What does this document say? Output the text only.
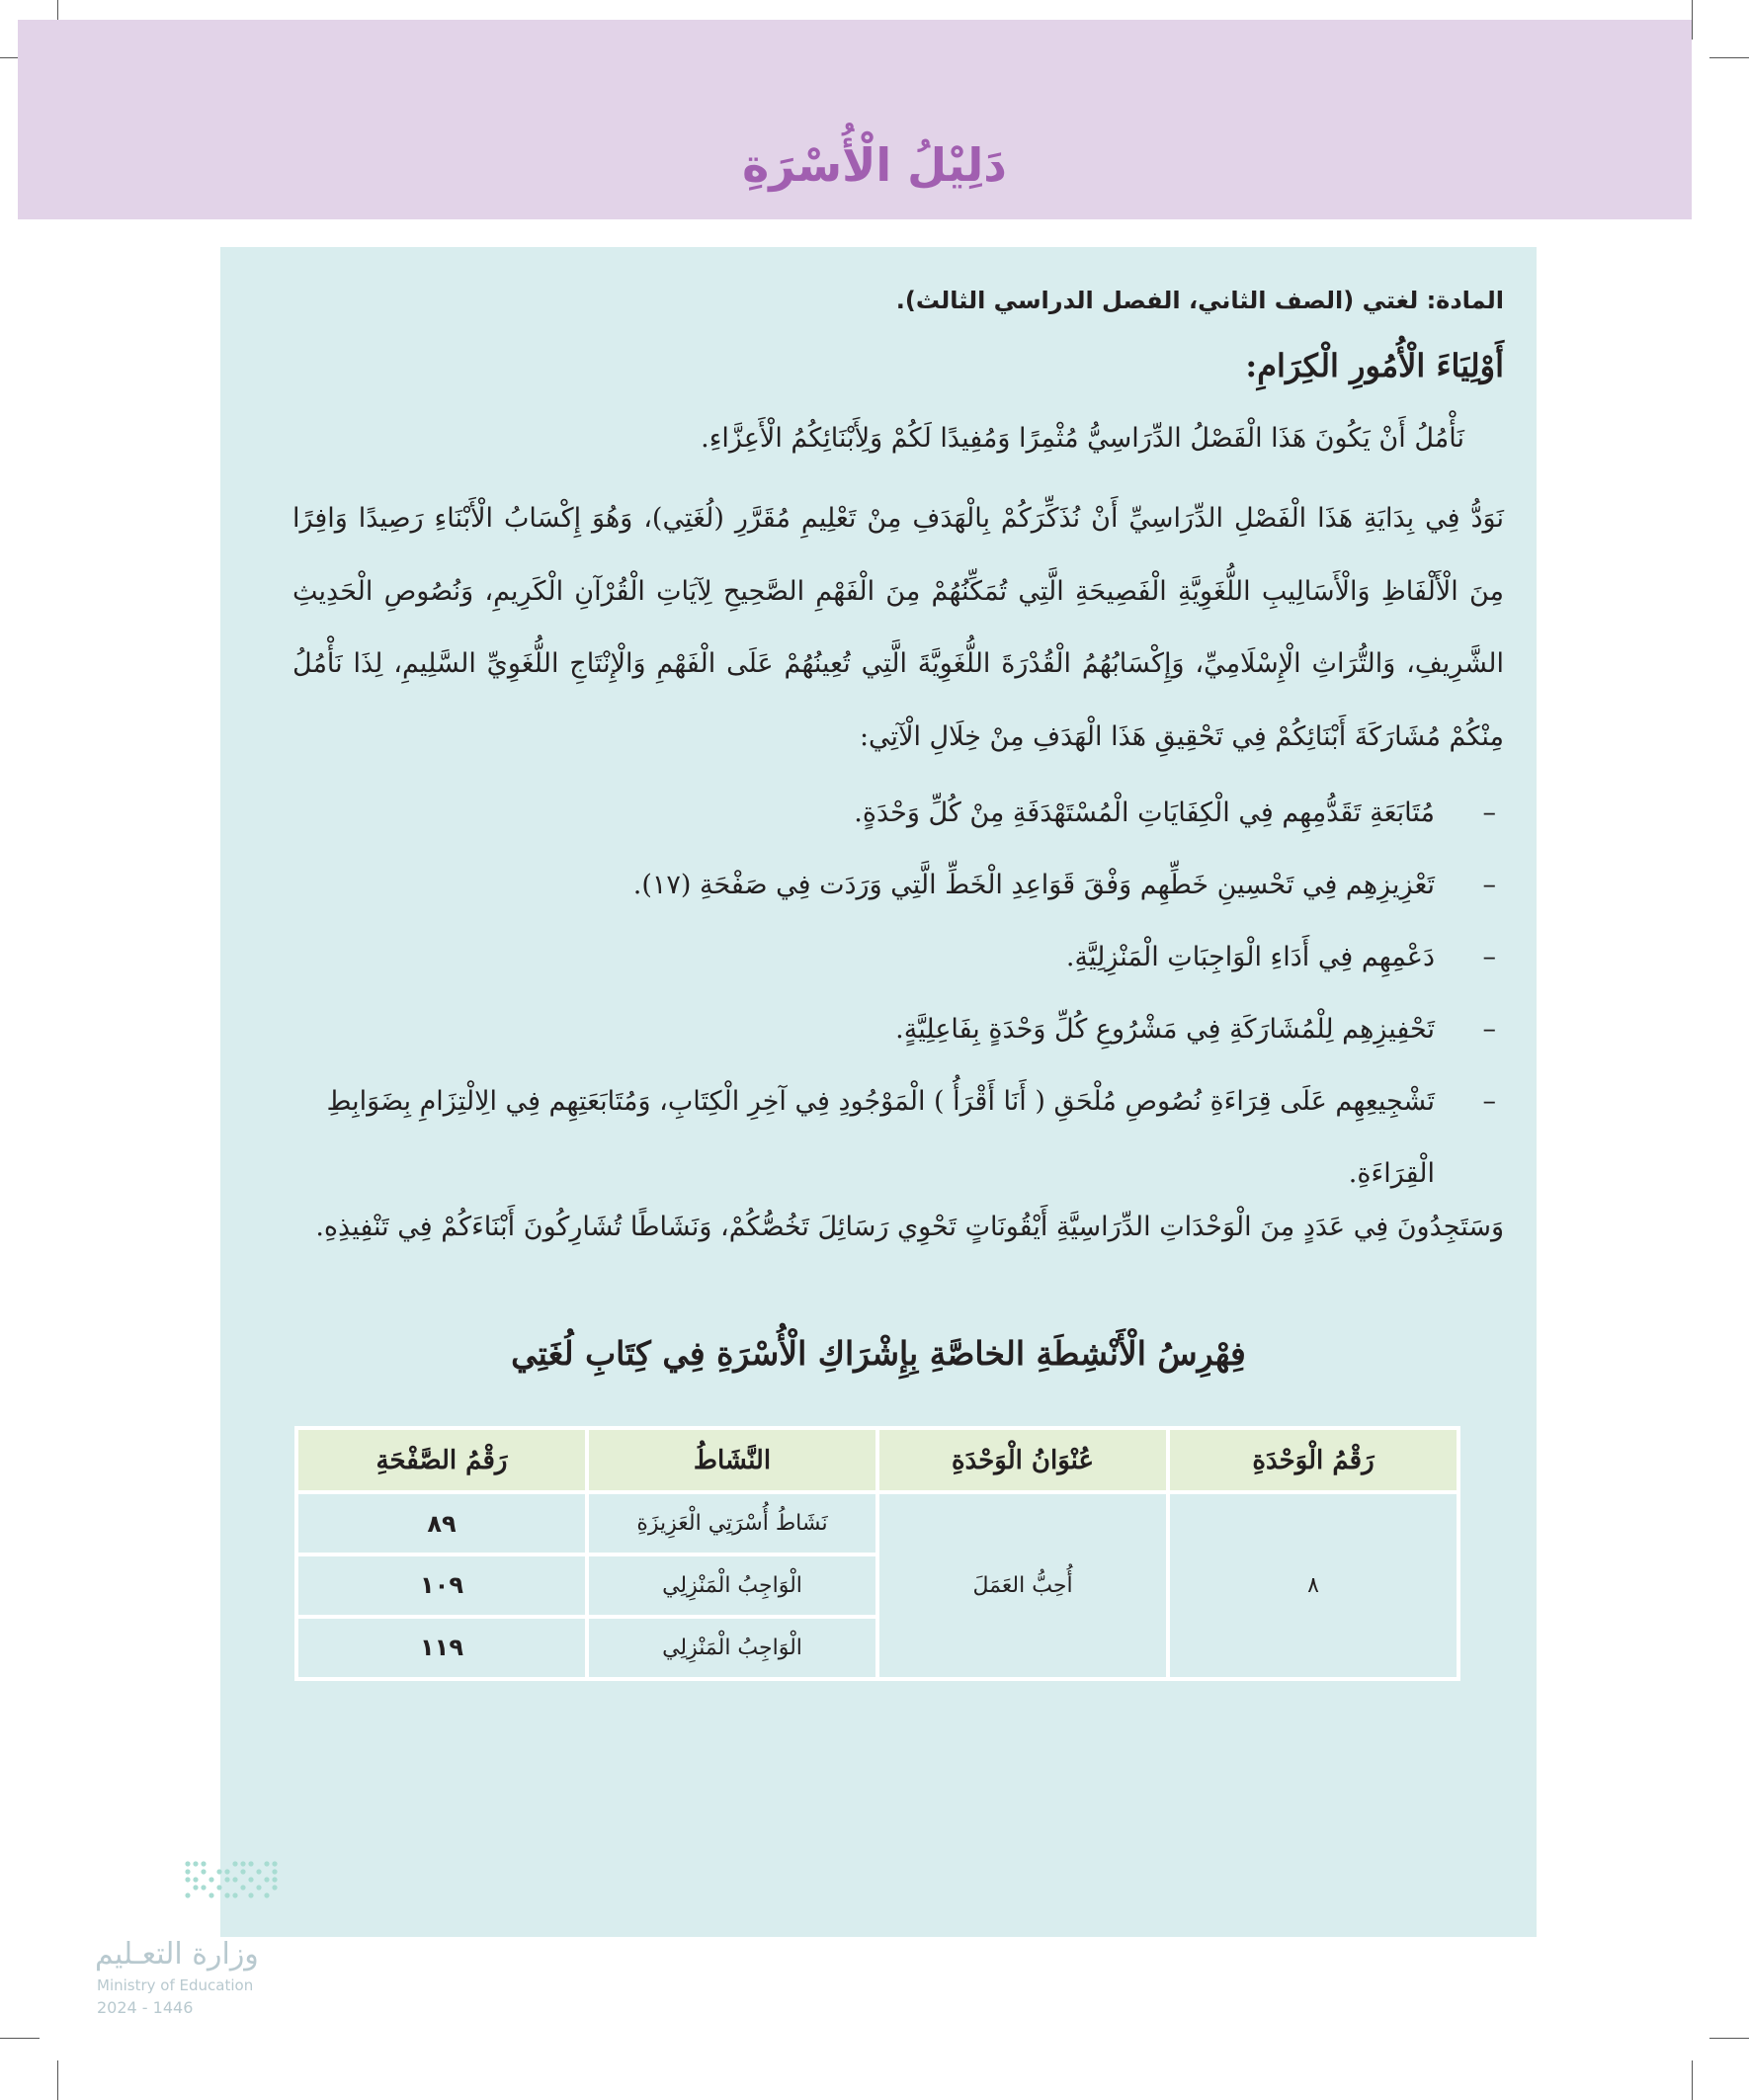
دَلِيْلُ الْأُسْرَةِ
المادة: لغتي (الصف الثاني، الفصل الدراسي الثالث).
أَوْلِيَاءَ الْأُمُورِ الْكِرَامِ:
نَأْمُلُ أَنْ يَكُونَ هَذَا الْفَصْلُ الدِّرَاسِيُّ مُثْمِرًا وَمُفِيدًا لَكُمْ وَلِأَبْنَائِكُمُ الْأَعِزَّاءِ.
نَوَدُّ فِي بِدَايَةِ هَذَا الْفَصْلِ الدِّرَاسِيِّ أَنْ نُذَكِّرَكُمْ بِالْهَدَفِ مِنْ تَعْلِيمِ مُقَرَّرِ (لُغَتِي)، وَهُوَ إِكْسَابُ الْأَبْنَاءِ رَصِيدًا وَافِرًا مِنَ الْأَلْفَاظِ وَالْأَسَالِيبِ اللُّغَوِيَّةِ الْفَصِيحَةِ الَّتِي تُمَكِّنُهُمْ مِنَ الْفَهْمِ الصَّحِيحِ لِآيَاتِ الْقُرْآنِ الْكَرِيمِ، وَنُصُوصِ الْحَدِيثِ الشَّرِيفِ، وَالتُّرَاثِ الْإِسْلَامِيِّ، وَإِكْسَابُهُمُ الْقُدْرَةَ اللُّغَوِيَّةَ الَّتِي تُعِينُهُمْ عَلَى الْفَهْمِ وَالْإِنْتَاجِ اللُّغَوِيِّ السَّلِيمِ، لِذَا نَأْمُلُ مِنْكُمْ مُشَارَكَةَ أَبْنَائِكُمْ فِي تَحْقِيقِ هَذَا الْهَدَفِ مِنْ خِلَالِ الْآتِي:
–
مُتَابَعَةِ تَقَدُّمِهِم فِي الْكِفَايَاتِ الْمُسْتَهْدَفَةِ مِنْ كُلِّ وَحْدَةٍ.
–
تَعْزِيزِهِم فِي تَحْسِينِ خَطِّهِم وَفْقَ قَوَاعِدِ الْخَطِّ الَّتِي وَرَدَت فِي صَفْحَةِ (١٧).
–
دَعْمِهِم فِي أَدَاءِ الْوَاجِبَاتِ الْمَنْزِلِيَّةِ.
–
تَحْفِيزِهِم لِلْمُشَارَكَةِ فِي مَشْرُوعِ كُلِّ وَحْدَةٍ بِفَاعِلِيَّةٍ.
–
تَشْجِيعِهِم عَلَى قِرَاءَةِ نُصُوصِ مُلْحَقِ ( أَنَا أَقْرَأُ ) الْمَوْجُودِ فِي آخِرِ الْكِتَابِ، وَمُتَابَعَتِهِم فِي الِالْتِزَامِ بِضَوَابِطِ الْقِرَاءَةِ.
وَسَتَجِدُونَ فِي عَدَدٍ مِنَ الْوَحْدَاتِ الدِّرَاسِيَّةِ أَيْقُونَاتٍ تَحْوِي رَسَائِلَ تَخُصُّكُمْ، وَنَشَاطًا تُشَارِكُونَ أَبْنَاءَكُمْ فِي تَنْفِيذِهِ.
فِهْرِسُ الْأَنْشِطَةِ الخاصَّةِ بِإِشْرَاكِ الْأُسْرَةِ فِي كِتَابِ لُغَتِي
رَقْمُ الْوَحْدَةِ	عُنْوَانُ الْوَحْدَةِ	النَّشَاطُ	رَقْمُ الصَّفْحَةِ
٨	أُحِبُّ العَمَلَ	نَشَاطُ أُسْرَتِي الْعَزِيزَةِ	٨٩
		الْوَاجِبُ الْمَنْزِلِي	١٠٩
		الْوَاجِبُ الْمَنْزِلِي	١١٩
وزارة التعـليم
Ministry of Education
2024 - 1446
